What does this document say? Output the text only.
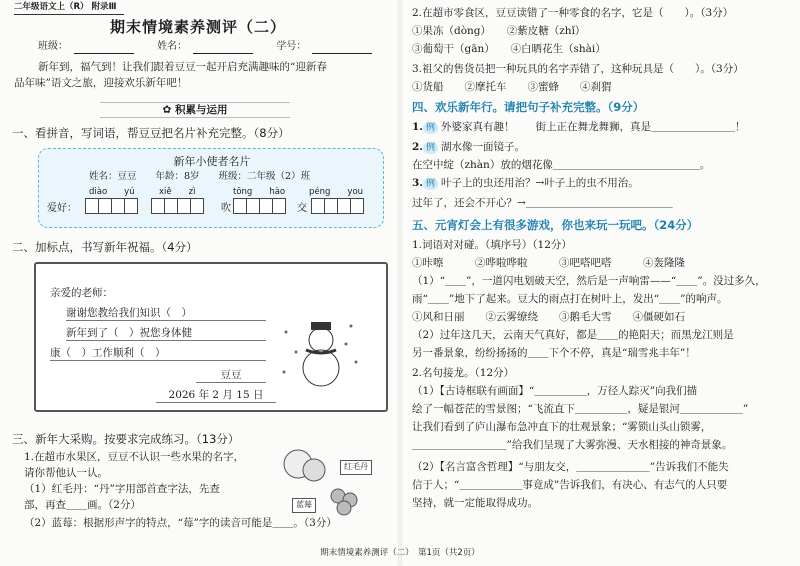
二年级语文上（R） 附录Ⅲ
期末情境素养测评（二）
班级：	姓名：	学号：
新年到，福气到！让我们跟着豆豆一起开启充满趣味的“迎新春
品年味”语文之旅，迎接欢乐新年吧！
✿ 积累与运用
一、看拼音，写词语，帮豆豆把名片补充完整。（8分）
新年小使者名片
姓名：豆豆　　年龄：8岁　　班级：二年级（2）班
diào　　yú	xiě　　zì	tōng　　hào	péng　　you
爱好：	吹	交
二、加标点，书写新年祝福。（4分）
亲爱的老师：
谢谢您教给我们知识（　）
新年到了（　）祝您身体健
康（　）工作顺利（　）
豆豆
2026 年 2 月 15 日
三、新年大采购。按要求完成练习。（13分）
1.在超市水果区，豆豆不认识一些水果的名字，
请你帮他认一认。
（1）红毛丹：“丹”字用部首查字法，先查
部，再查＿＿画。（2分）
（2）蓝莓：根据形声字的特点，“莓”字的读音可能是＿＿。（3分）
红毛丹
蓝莓
2.在超市零食区，豆豆读错了一种零食的名字，它是（　　）。（3分）
①果冻（dòng）　　②紫皮糖（zhǐ）
③葡萄干（gān）　　④白晒花生（shài）
3.祖父的售货员把一种玩具的名字弄错了，这种玩具是（　　）。（3分）
①货船　　②摩托车　　③蜜蜂　　④刹猬
四、欢乐新年行。请把句子补充完整。（9分）
1. 例 外婆家真有趣！　　街上正在舞龙舞狮，真是＿＿＿＿＿＿＿＿！
2. 例 湖水像一面镜子。
在空中绽（zhàn）放的烟花像＿＿＿＿＿＿＿＿＿＿＿＿＿＿。
3. 例 叶子上的虫还用治？→叶子上的虫不用治。
过年了，还会不开心？→＿＿＿＿＿＿＿＿＿＿＿＿＿＿
五、元宵灯会上有很多游戏，你也来玩一玩吧。（24分）
1.词语对对碰。（填序号）（12分）
①咔嚓　　　②哗啦哗啦　　　③吧嗒吧嗒　　　④轰隆隆
（1）“＿＿”，一道闪电划破天空，然后是一声响雷——“＿＿”。没过多久，
雨“＿＿”地下了起来。豆大的雨点打在树叶上，发出“＿＿”的响声。
①风和日丽　　②云雾缭绕　　③鹅毛大雪　　④僵硬如石
（2）过年这几天，云南天气真好，都是＿＿的艳阳天；而黑龙江则是
另一番景象，纷纷扬扬的＿＿下个不停，真是“瑞雪兆丰年”！
2.名句接龙。（12分）
（1）【古诗框联有画面】“＿＿＿＿＿，万径人踪灭”向我们描
绘了一幅苍茫的雪景图；“飞流直下＿＿＿＿＿，疑是银河＿＿＿＿＿＿”
让我们看到了庐山瀑布急冲直下的壮观景象；“雾锁山头山锁雾，
＿＿＿＿＿＿＿＿＿”给我们呈现了大雾弥漫、天水相接的神奇景象。
（2）【名言富含哲理】“与朋友交，＿＿＿＿＿＿＿”告诉我们不能失
信于人；“＿＿＿＿＿＿事竟成”告诉我们，有决心、有志气的人只要
坚持，就一定能取得成功。
期末情境素养测评（二）　第1页（共2页）
